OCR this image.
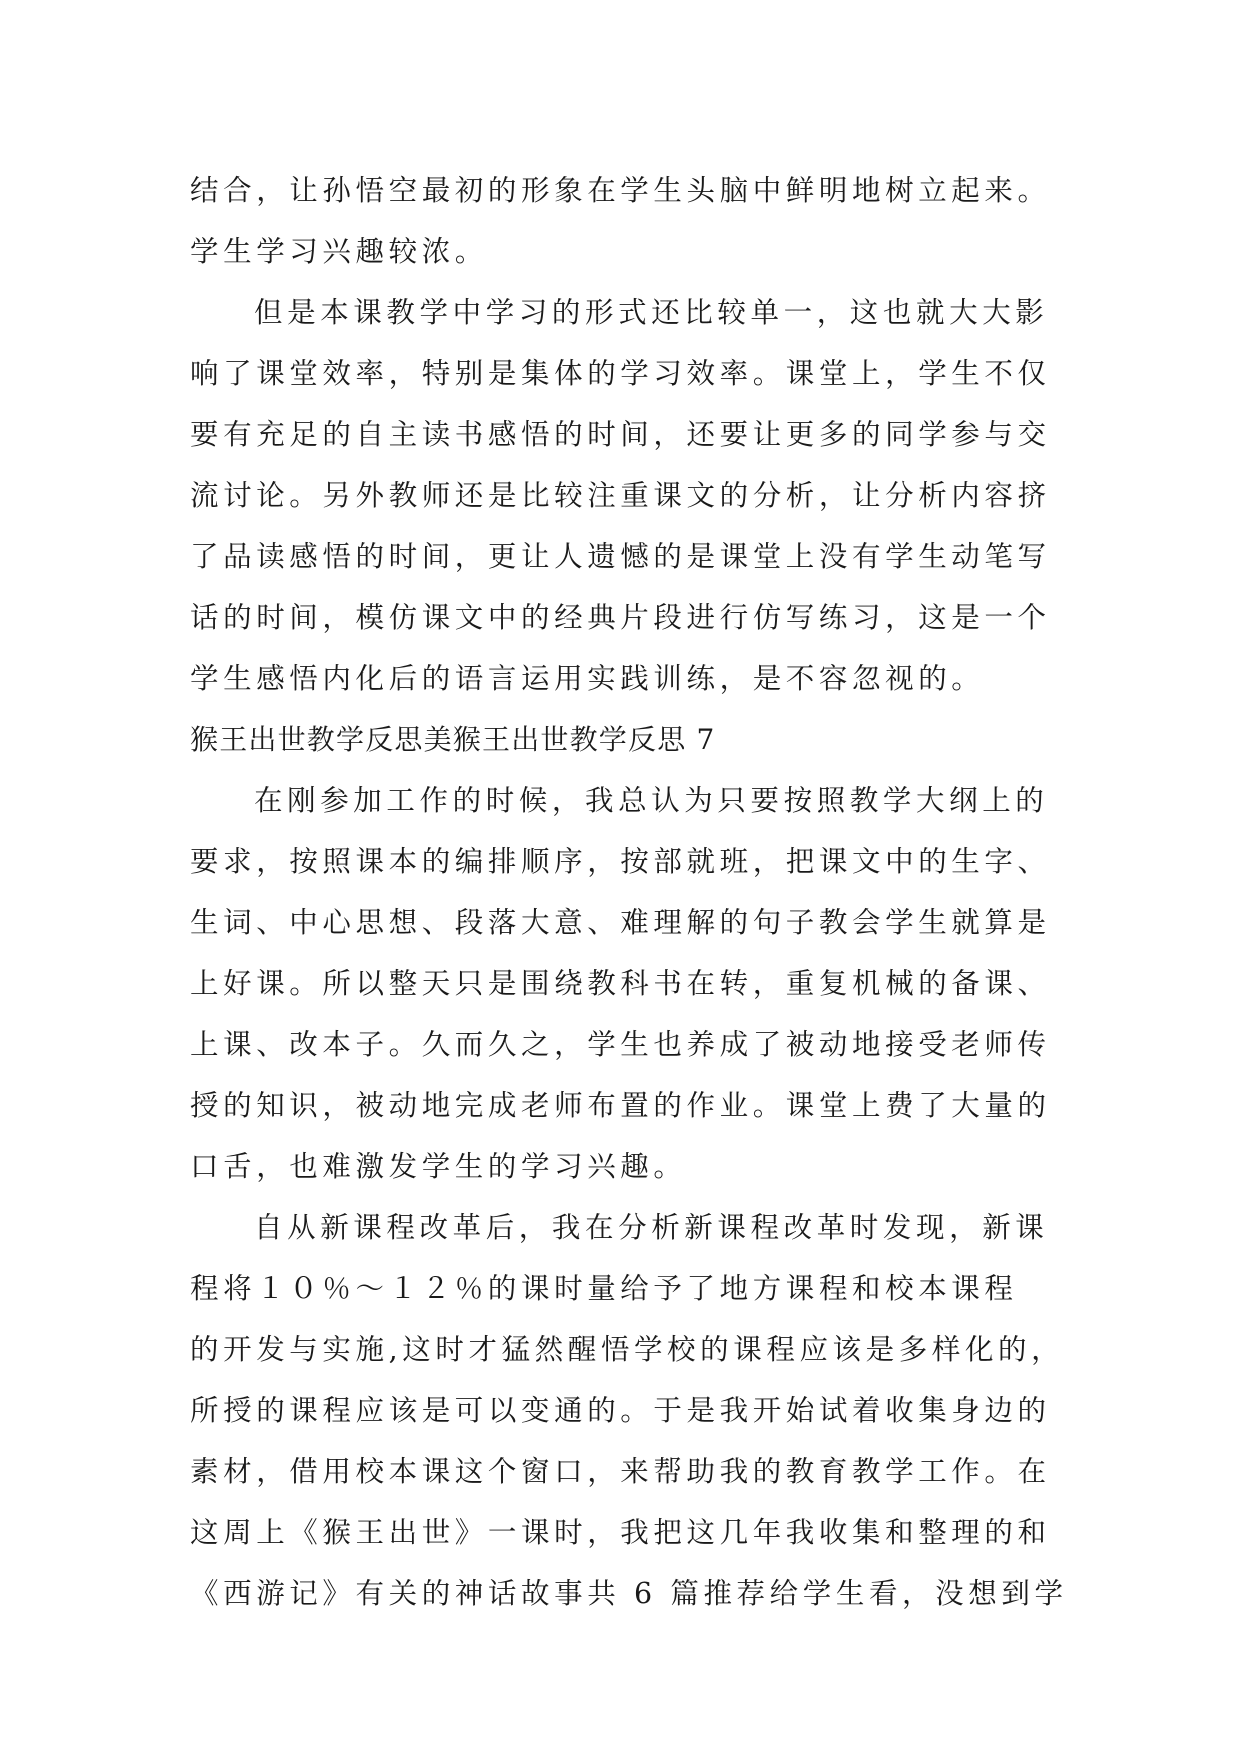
结合，让孙悟空最初的形象在学生头脑中鲜明地树立起来。
学生学习兴趣较浓。
但是本课教学中学习的形式还比较单一，这也就大大影
响了课堂效率，特别是集体的学习效率。课堂上，学生不仅
要有充足的自主读书感悟的时间，还要让更多的同学参与交
流讨论。另外教师还是比较注重课文的分析，让分析内容挤
了品读感悟的时间，更让人遗憾的是课堂上没有学生动笔写
话的时间，模仿课文中的经典片段进行仿写练习，这是一个
学生感悟内化后的语言运用实践训练，是不容忽视的。
猴王出世教学反思美猴王出世教学反思 7
在刚参加工作的时候，我总认为只要按照教学大纲上的
要求，按照课本的编排顺序，按部就班，把课文中的生字、
生词、中心思想、段落大意、难理解的句子教会学生就算是
上好课。所以整天只是围绕教科书在转，重复机械的备课、
上课、改本子。久而久之，学生也养成了被动地接受老师传
授的知识，被动地完成老师布置的作业。课堂上费了大量的
口舌，也难激发学生的学习兴趣。
自从新课程改革后，我在分析新课程改革时发现，新课
程将１０％～１２％的课时量给予了地方课程和校本课程
的开发与实施,这时才猛然醒悟学校的课程应该是多样化的，
所授的课程应该是可以变通的。于是我开始试着收集身边的
素材，借用校本课这个窗口，来帮助我的教育教学工作。在
这周上《猴王出世》一课时，我把这几年我收集和整理的和
《西游记》有关的神话故事共 6 篇推荐给学生看，没想到学
